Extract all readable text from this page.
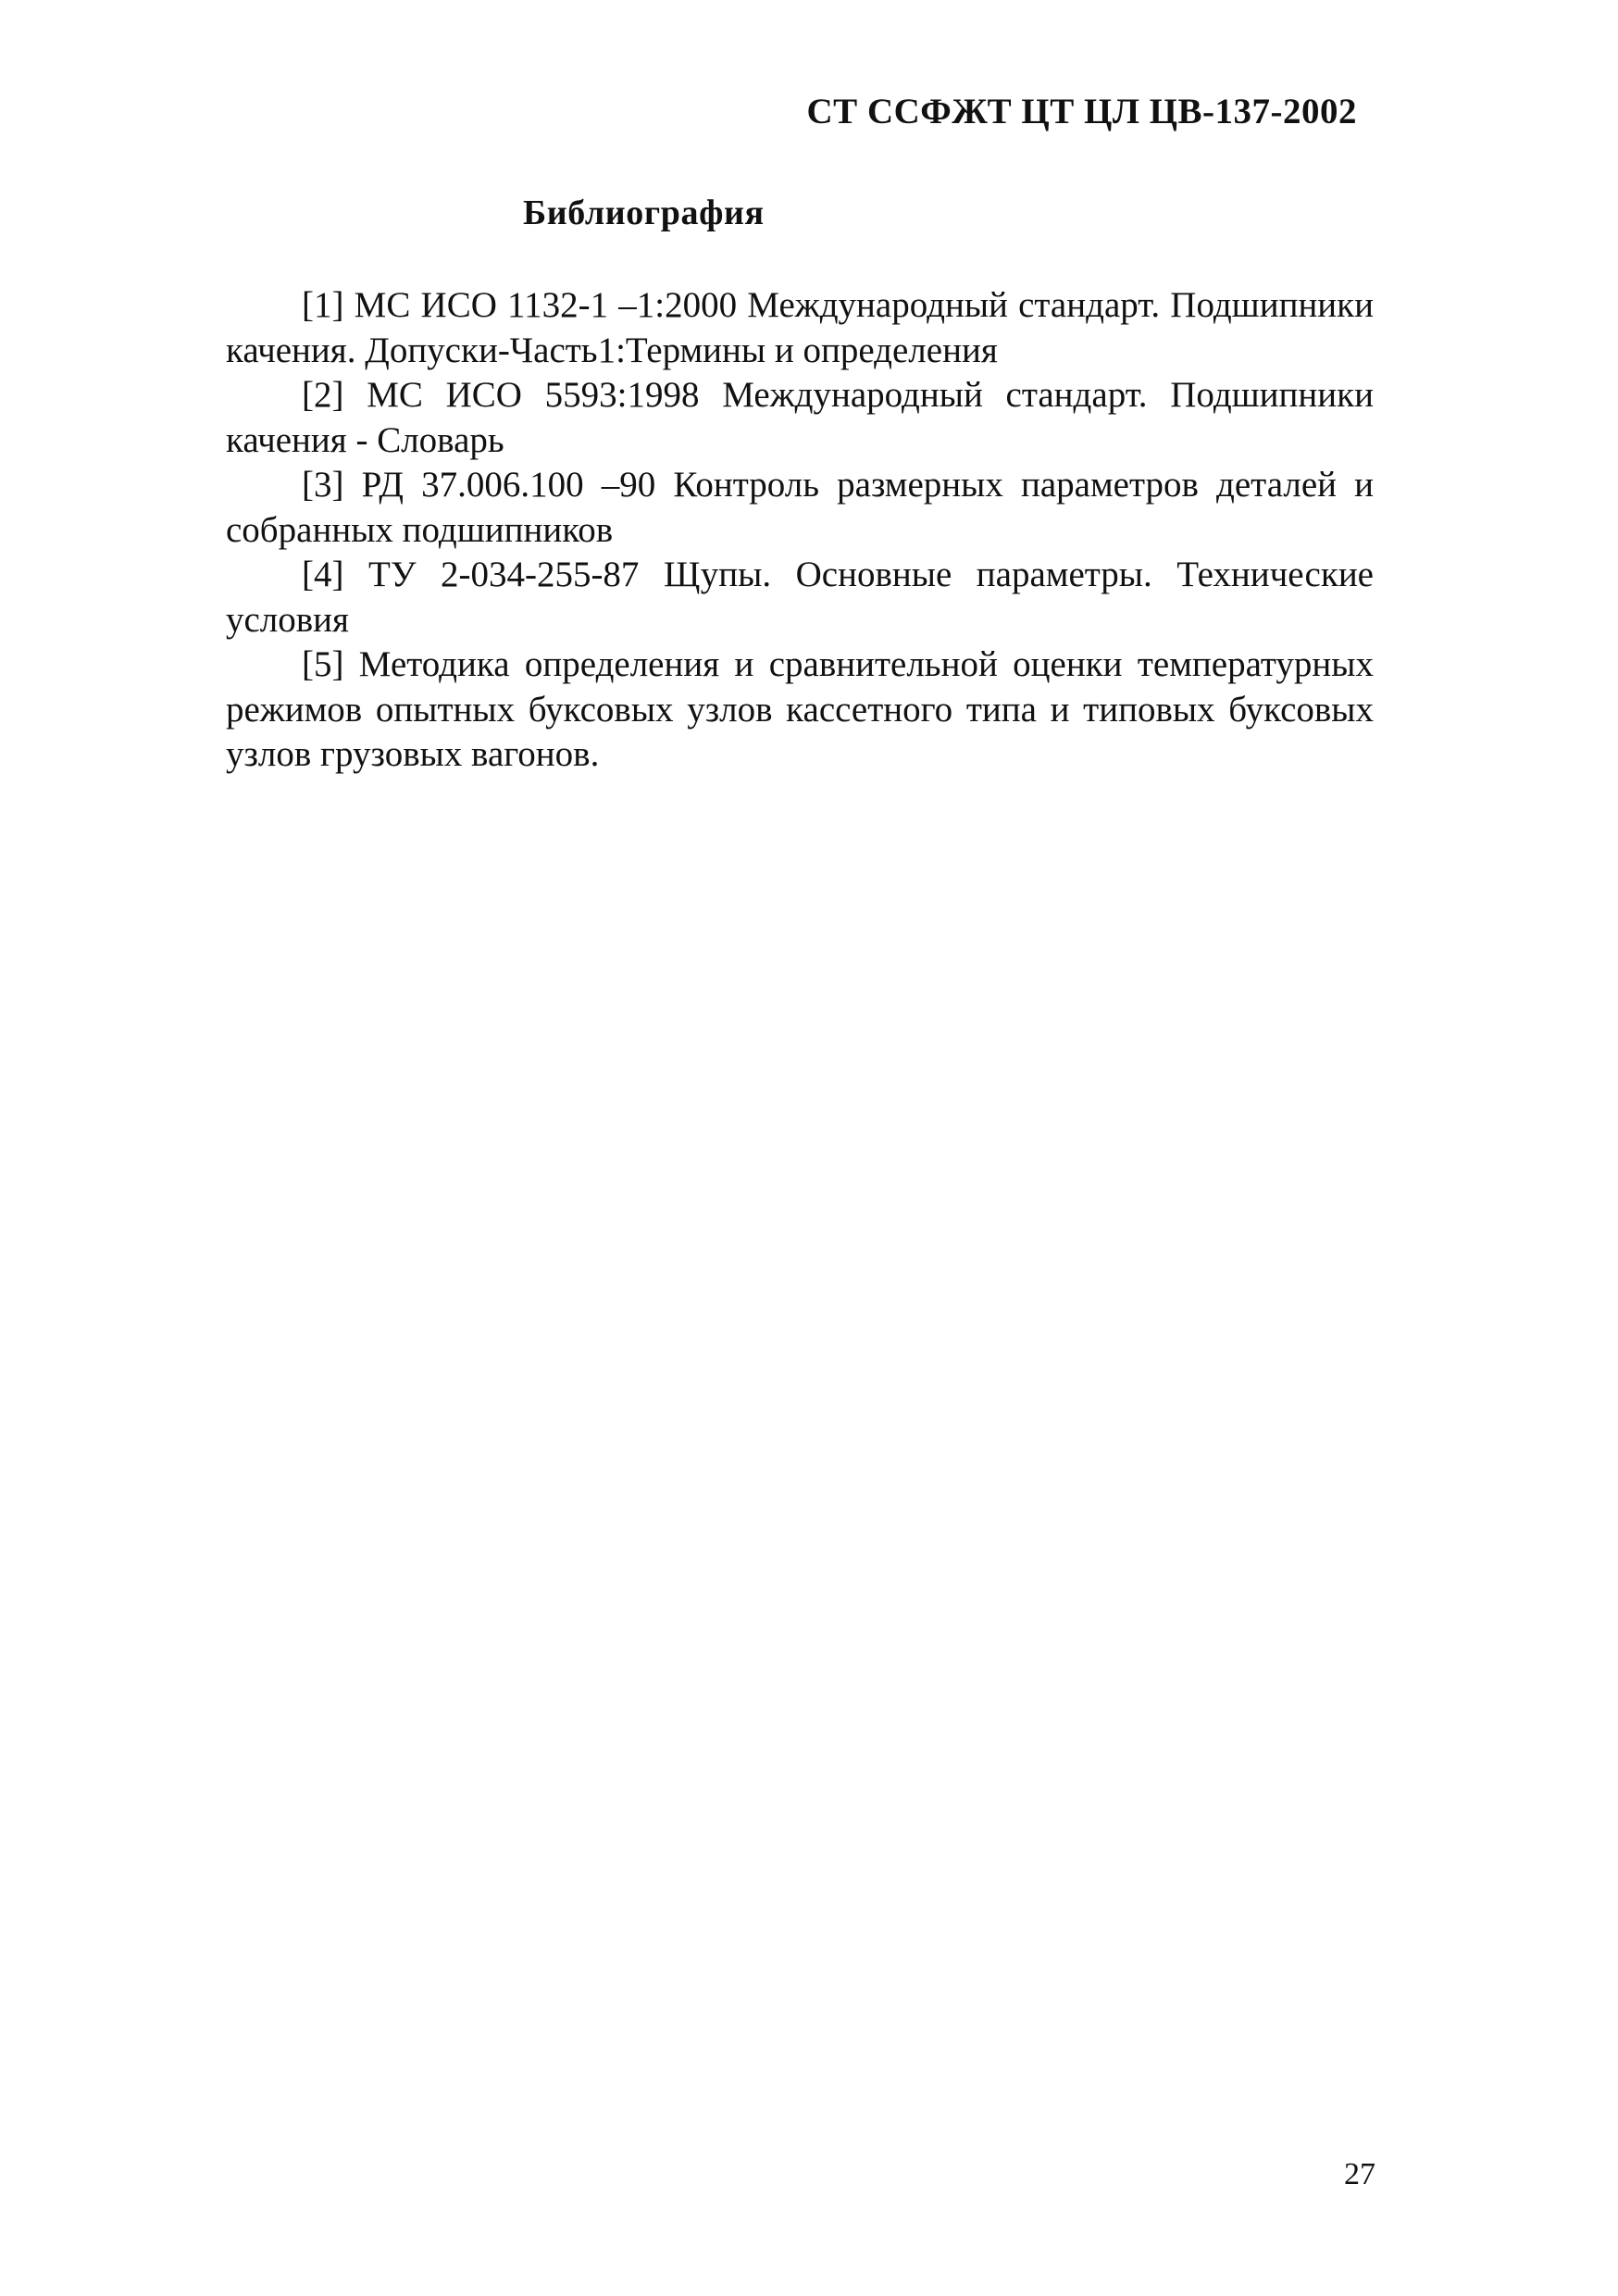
СТ ССФЖТ ЦТ ЦЛ ЦВ-137-2002
Библиография

[1] МС ИСО 1132-1 –1:2000 Международный стандарт. Подшипники качения. Допуски-Часть1:Термины и определения

[2] МС ИСО 5593:1998 Международный стандарт. Подшипники качения - Словарь

[3] РД 37.006.100 –90 Контроль размерных параметров деталей и собранных подшипников

[4] ТУ 2-034-255-87 Щупы. Основные параметры. Технические условия

[5] Методика определения и сравнительной оценки температурных режимов опытных буксовых узлов кассетного типа и типовых буксовых узлов грузовых вагонов.

27
